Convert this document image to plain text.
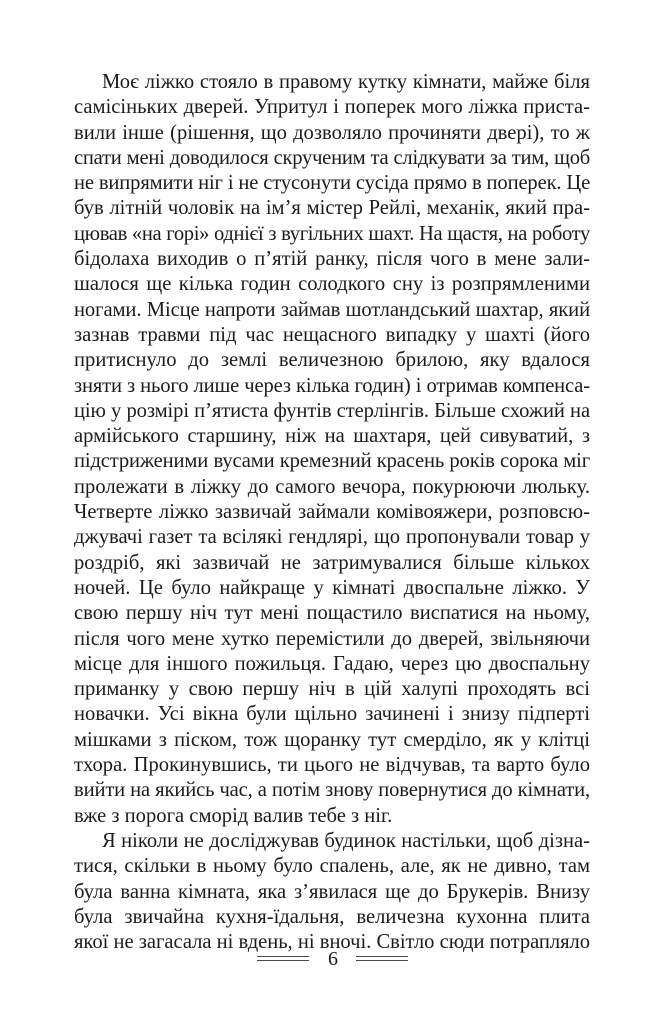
Моє ліжко стояло в правому кутку кімнати, майже біля
самісіньких дверей. Упритул і поперек мого ліжка приста-
вили інше (рішення, що дозволяло прочиняти двері), то ж
спати мені доводилося скрученим та слідкувати за тим, щоб
не випрямити ніг і не стусонути сусіда прямо в поперек. Це
був літній чоловік на ім’я містер Рейлі, механік, який пра-
цював «на горі» однієї з вугільних шахт. На щастя, на роботу
бідолаха виходив о п’ятій ранку, після чого в мене зали-
шалося ще кілька годин солодкого сну із розпрямленими
ногами. Місце напроти займав шотландський шахтар, який
зазнав травми під час нещасного випадку у шахті (його
притиснуло до землі величезною брилою, яку вдалося
зняти з нього лише через кілька годин) і отримав компенса-
цію у розмірі п’ятиста фунтів стерлінгів. Більше схожий на
армійського старшину, ніж на шахтаря, цей сивуватий, з
підстриженими вусами кремезний красень років сорока міг
пролежати в ліжку до самого вечора, покурюючи люльку.
Четверте ліжко зазвичай займали комівояжери, розповсю-
джувачі газет та всілякі гендлярі, що пропонували товар у
роздріб, які зазвичай не затримувалися більше кількох
ночей. Це було найкраще у кімнаті двоспальне ліжко. У
свою першу ніч тут мені пощастило виспатися на ньому,
після чого мене хутко перемістили до дверей, звільняючи
місце для іншого пожильця. Гадаю, через цю двоспальну
приманку у свою першу ніч в цій халупі проходять всі
новачки. Усі вікна були щільно зачинені і знизу підперті
мішками з піском, тож щоранку тут смерділо, як у клітці
тхора. Прокинувшись, ти цього не відчував, та варто було
вийти на якийсь час, а потім знову повернутися до кімнати,
вже з порога сморід валив тебе з ніг.
Я ніколи не досліджував будинок настільки, щоб дізна-
тися, скільки в ньому було спалень, але, як не дивно, там
була ванна кімната, яка з’явилася ще до Брукерів. Внизу
була звичайна кухня-їдальня, величезна кухонна плита
якої не загасала ні вдень, ні вночі. Світло сюди потрапляло
6
